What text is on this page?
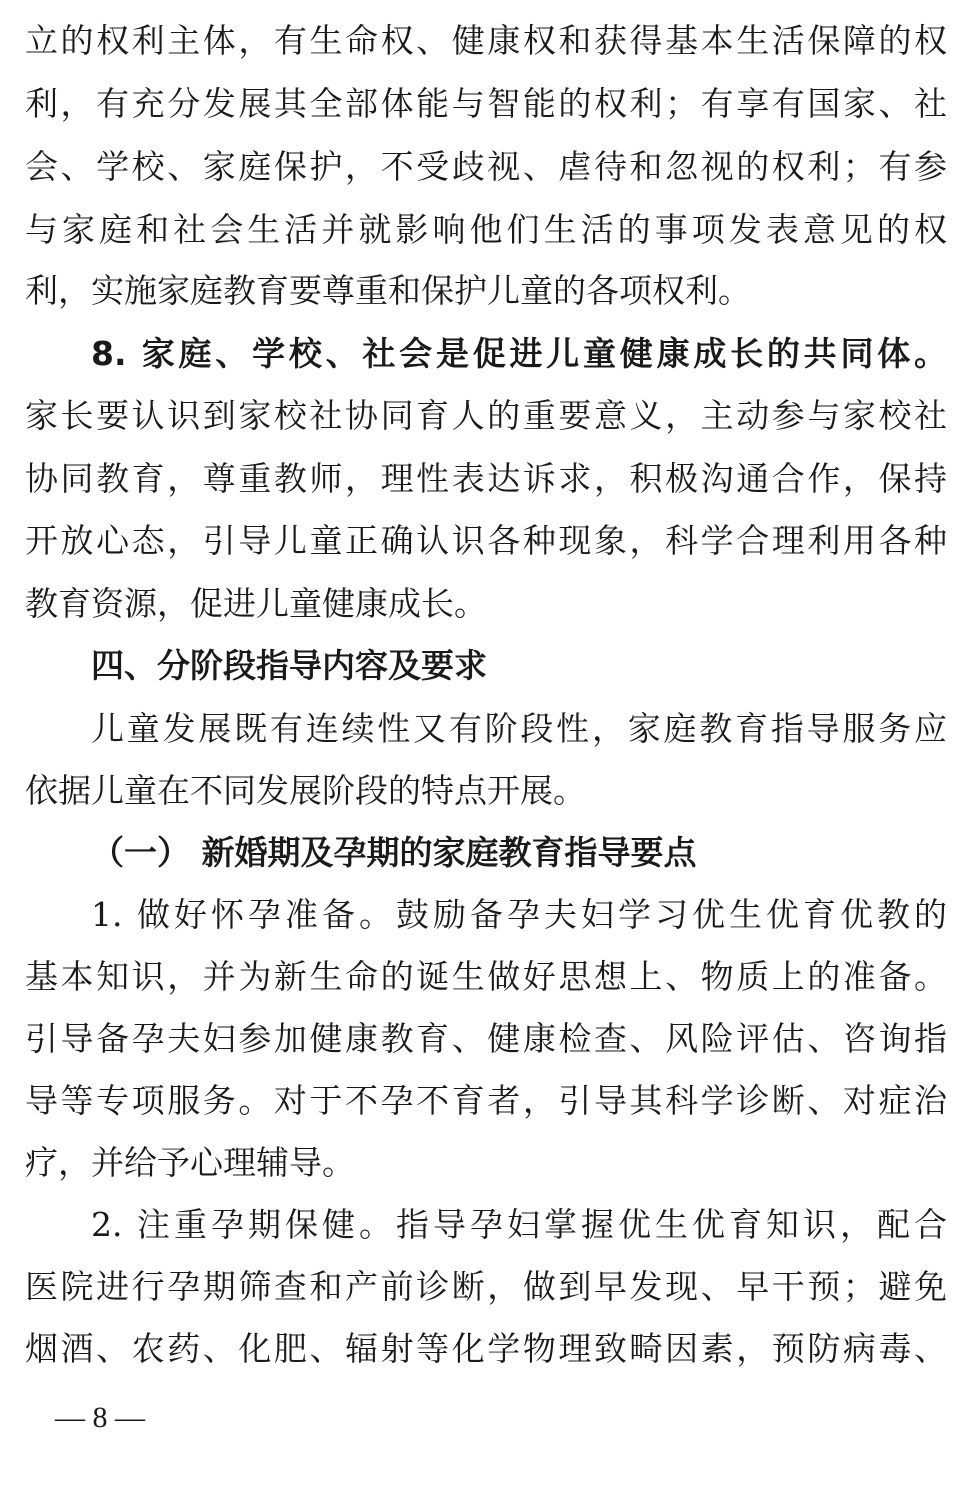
立的权利主体，有生命权、健康权和获得基本生活保障的权
利，有充分发展其全部体能与智能的权利；有享有国家、社
会、学校、家庭保护，不受歧视、虐待和忽视的权利；有参
与家庭和社会生活并就影响他们生活的事项发表意见的权
利，实施家庭教育要尊重和保护儿童的各项权利。
8. 家庭、学校、社会是促进儿童健康成长的共同体。
家长要认识到家校社协同育人的重要意义，主动参与家校社
协同教育，尊重教师，理性表达诉求，积极沟通合作，保持
开放心态，引导儿童正确认识各种现象，科学合理利用各种
教育资源，促进儿童健康成长。
四、分阶段指导内容及要求
儿童发展既有连续性又有阶段性，家庭教育指导服务应
依据儿童在不同发展阶段的特点开展。
（一） 新婚期及孕期的家庭教育指导要点
1. 做好怀孕准备。鼓励备孕夫妇学习优生优育优教的
基本知识，并为新生命的诞生做好思想上、物质上的准备。
引导备孕夫妇参加健康教育、健康检查、风险评估、咨询指
导等专项服务。对于不孕不育者，引导其科学诊断、对症治
疗，并给予心理辅导。
2. 注重孕期保健。指导孕妇掌握优生优育知识，配合
医院进行孕期筛查和产前诊断，做到早发现、早干预；避免
烟酒、农药、化肥、辐射等化学物理致畸因素，预防病毒、
— 8 —
